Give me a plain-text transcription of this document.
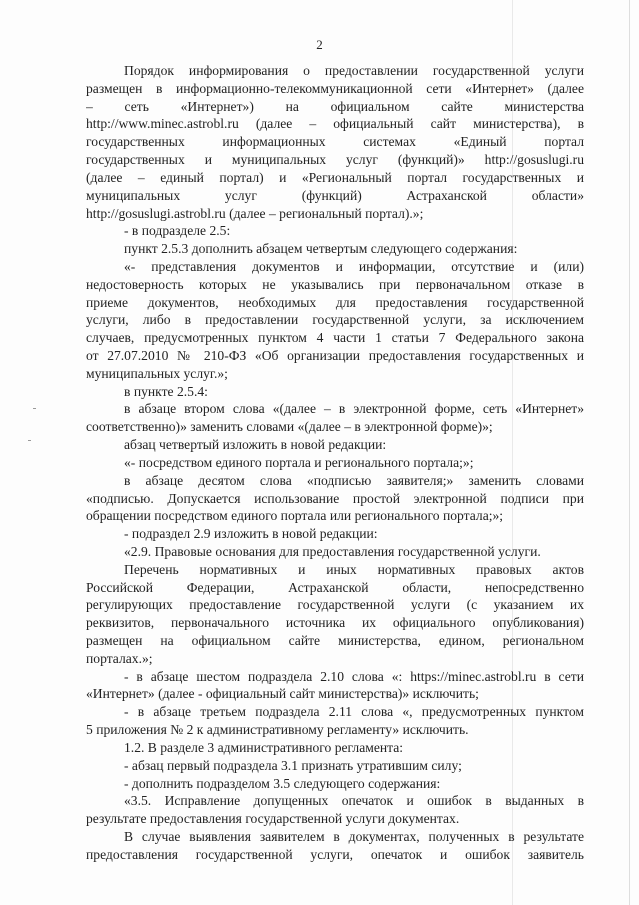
2
Порядок информирования о предоставлении государственной услуги
размещен в информационно-телекоммуникационной сети «Интернет» (далее
– сеть «Интернет») на официальном сайте министерства
http://www.minec.astrobl.ru (далее – официальный сайт министерства), в
государственных информационных системах «Единый портал
государственных и муниципальных услуг (функций)» http://gosuslugi.ru
(далее – единый портал) и «Региональный портал государственных и
муниципальных услуг (функций) Астраханской области»
http://gosuslugi.astrobl.ru (далее – региональный портал).»;
- в подразделе 2.5:
пункт 2.5.3 дополнить абзацем четвертым следующего содержания:
«- представления документов и информации, отсутствие и (или)
недостоверность которых не указывались при первоначальном отказе в
приеме документов, необходимых для предоставления государственной
услуги, либо в предоставлении государственной услуги, за исключением
случаев, предусмотренных пунктом 4 части 1 статьи 7 Федерального закона
от 27.07.2010 № 210-ФЗ «Об организации предоставления государственных и
муниципальных услуг.»;
в пункте 2.5.4:
в абзаце втором слова «(далее – в электронной форме, сеть «Интернет»
соответственно)» заменить словами «(далее – в электронной форме)»;
абзац четвертый изложить в новой редакции:
«- посредством единого портала и регионального портала;»;
в абзаце десятом слова «подписью заявителя;» заменить словами
«подписью. Допускается использование простой электронной подписи при
обращении посредством единого портала или регионального портала;»;
- подраздел 2.9 изложить в новой редакции:
«2.9. Правовые основания для предоставления государственной услуги.
Перечень нормативных и иных нормативных правовых актов
Российской Федерации, Астраханской области, непосредственно
регулирующих предоставление государственной услуги (с указанием их
реквизитов, первоначального источника их официального опубликования)
размещен на официальном сайте министерства, едином, региональном
порталах.»;
- в абзаце шестом подраздела 2.10 слова «: https://minec.astrobl.ru в сети
«Интернет» (далее - официальный сайт министерства)» исключить;
- в абзаце третьем подраздела 2.11 слова «, предусмотренных пунктом
5 приложения № 2 к административному регламенту» исключить.
1.2. В разделе 3 административного регламента:
- абзац первый подраздела 3.1 признать утратившим силу;
- дополнить подразделом 3.5 следующего содержания:
«3.5. Исправление допущенных опечаток и ошибок в выданных в
результате предоставления государственной услуги документах.
В случае выявления заявителем в документах, полученных в результате
предоставления государственной услуги, опечаток и ошибок заявитель
